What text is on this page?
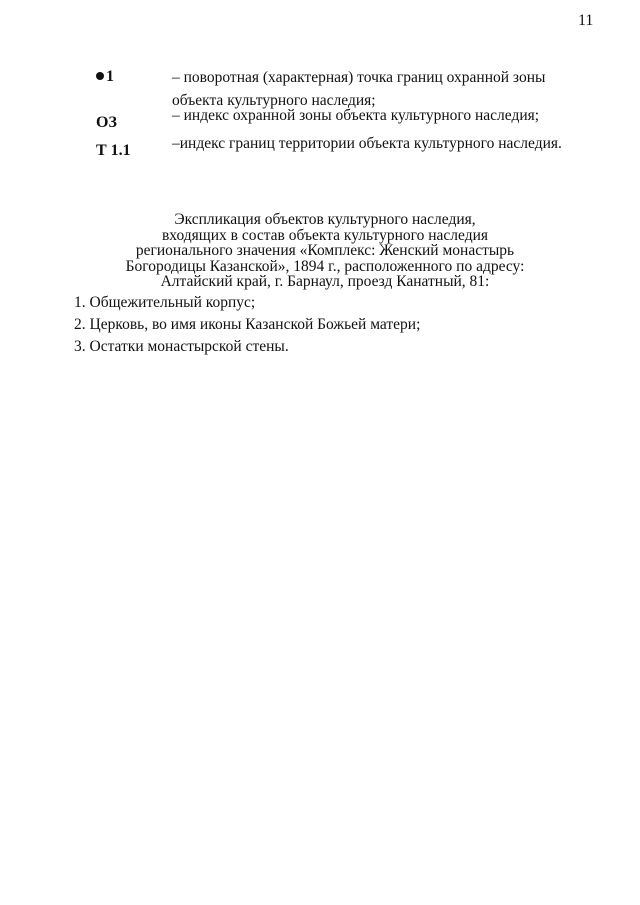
11
1	– поворотная (характерная) точка границ охранной зоны объекта культурного наследия;
ОЗ	– индекс охранной зоны объекта культурного наследия;
Т 1.1	–индекс границ территории объекта культурного наследия.
Экспликация объектов культурного наследия,
входящих в состав объекта культурного наследия
регионального значения «Комплекс: Женский монастырь
Богородицы Казанской», 1894 г., расположенного по адресу:
Алтайский край, г. Барнаул, проезд Канатный, 81:
1. Общежительный корпус;
2. Церковь, во имя иконы Казанской Божьей матери;
3. Остатки монастырской стены.
